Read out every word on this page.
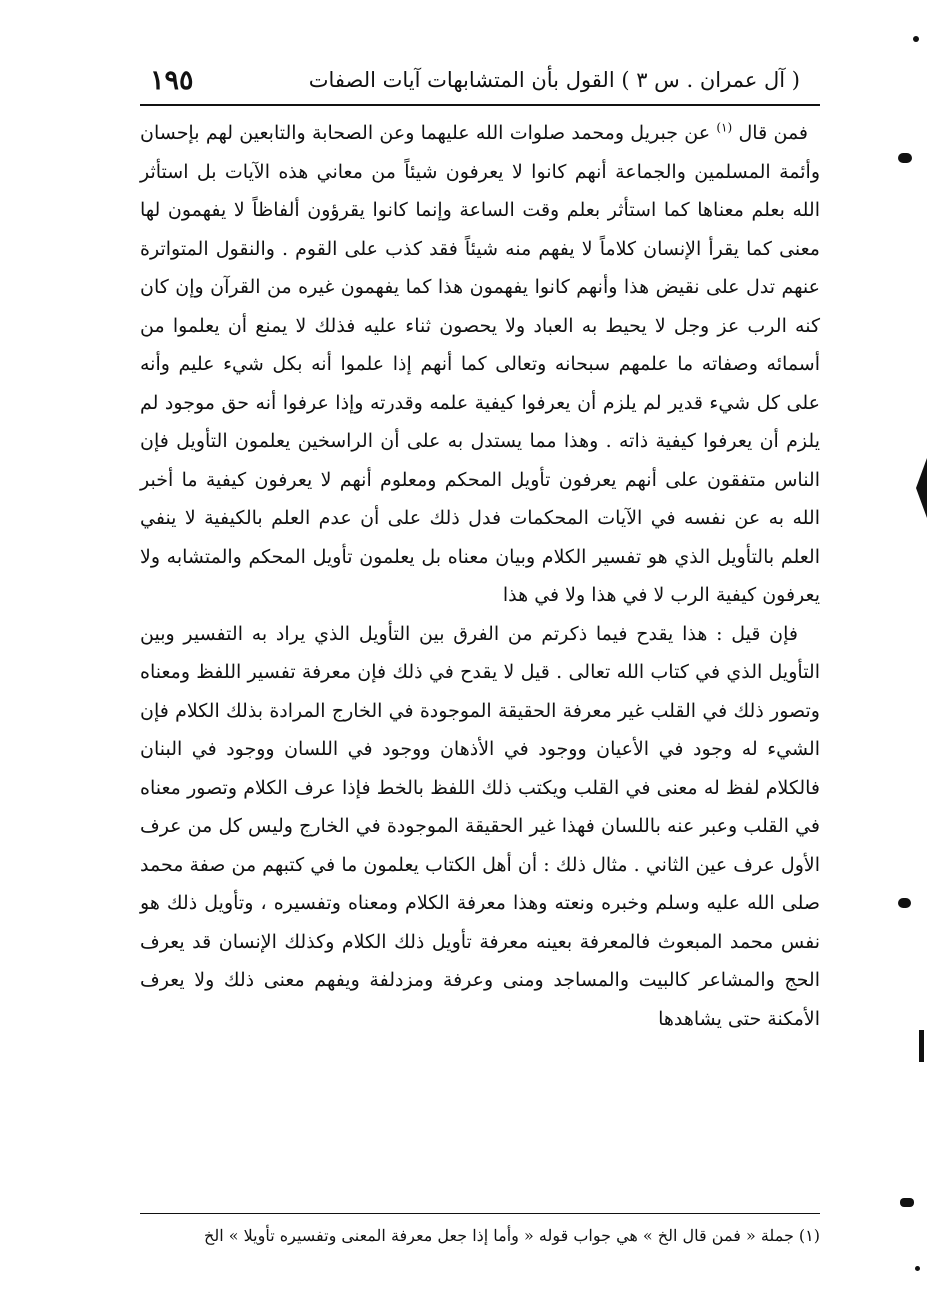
( آل عمران . س ٣ ) القول بأن المتشابهات آيات الصفات
١٩٥

فمن قال $^{(١)}$ عن جبريل ومحمد صلوات الله عليهما وعن الصحابة والتابعين لهم بإحسان وأئمة المسلمين والجماعة أنهم كانوا لا يعرفون شيئاً من معاني هذه الآيات بل استأثر الله بعلم معناها كما استأثر بعلم وقت الساعة وإنما كانوا يقرؤون ألفاظاً لا يفهمون لها معنى كما يقرأ الإنسان كلاماً لا يفهم منه شيئاً فقد كذب على القوم . والنقول المتواترة عنهم تدل على نقيض هذا وأنهم كانوا يفهمون هذا كما يفهمون غيره من القرآن وإن كان كنه الرب عز وجل لا يحيط به العباد ولا يحصون ثناء عليه فذلك لا يمنع أن يعلموا من أسمائه وصفاته ما علمهم سبحانه وتعالى كما أنهم إذا علموا أنه بكل شيء عليم وأنه على كل شيء قدير لم يلزم أن يعرفوا كيفية علمه وقدرته وإذا عرفوا أنه حق موجود لم يلزم أن يعرفوا كيفية ذاته . وهذا مما يستدل به على أن الراسخين يعلمون التأويل فإن الناس متفقون على أنهم يعرفون تأويل المحكم ومعلوم أنهم لا يعرفون كيفية ما أخبر الله به عن نفسه في الآيات المحكمات فدل ذلك على أن عدم العلم بالكيفية لا ينفي العلم بالتأويل الذي هو تفسير الكلام وبيان معناه بل يعلمون تأويل المحكم والمتشابه ولا يعرفون كيفية الرب لا في هذا ولا في هذا

فإن قيل : هذا يقدح فيما ذكرتم من الفرق بين التأويل الذي يراد به التفسير وبين التأويل الذي في كتاب الله تعالى . قيل لا يقدح في ذلك فإن معرفة تفسير اللفظ ومعناه وتصور ذلك في القلب غير معرفة الحقيقة الموجودة في الخارج المرادة بذلك الكلام فإن الشيء له وجود في الأعيان ووجود في الأذهان ووجود في اللسان ووجود في البنان فالكلام لفظ له معنى في القلب ويكتب ذلك اللفظ بالخط فإذا عرف الكلام وتصور معناه في القلب وعبر عنه باللسان فهذا غير الحقيقة الموجودة في الخارج وليس كل من عرف الأول عرف عين الثاني . مثال ذلك : أن أهل الكتاب يعلمون ما في كتبهم من صفة محمد صلى الله عليه وسلم وخبره ونعته وهذا معرفة الكلام ومعناه وتفسيره ، وتأويل ذلك هو نفس محمد المبعوث فالمعرفة بعينه معرفة تأويل ذلك الكلام وكذلك الإنسان قد يعرف الحج والمشاعر كالبيت والمساجد ومنى وعرفة ومزدلفة ويفهم معنى ذلك ولا يعرف الأمكنة حتى يشاهدها

(١) جملة « فمن قال الخ » هي جواب قوله « وأما إذا جعل معرفة المعنى وتفسيره تأويلا » الخ
